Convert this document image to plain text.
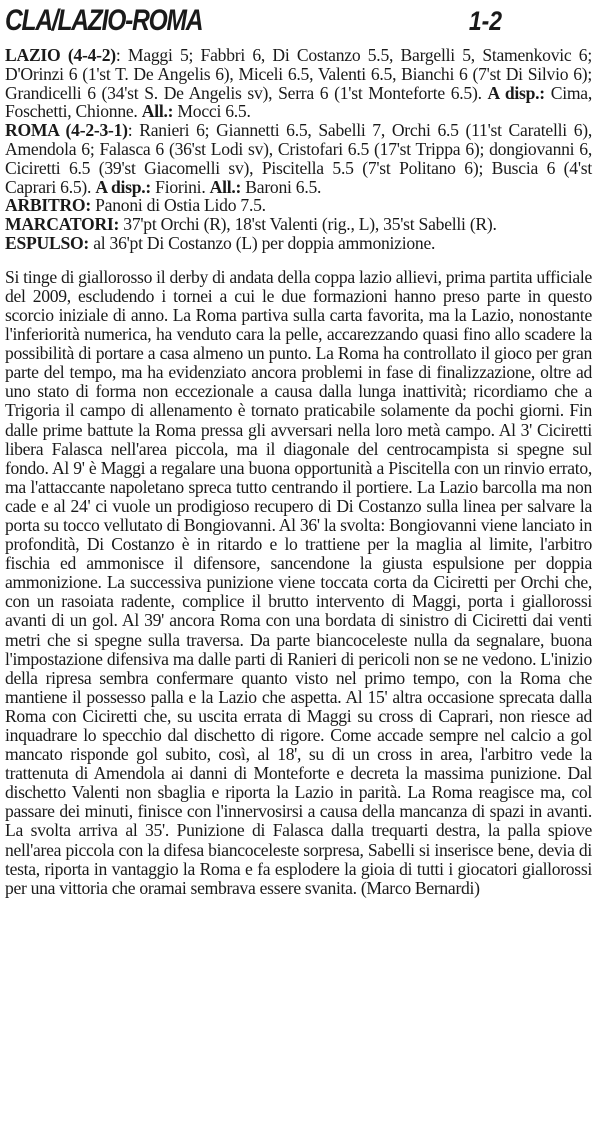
CLA/LAZIO-ROMA	1-2

LAZIO (4-4-2): Maggi 5; Fabbri 6, Di Costanzo 5.5, Bargelli 5, Stamenkovic 6; D'Orinzi 6 (1'st T. De Angelis 6), Miceli 6.5, Valenti 6.5, Bianchi 6 (7'st Di Silvio 6); Grandicelli 6 (34'st S. De Angelis sv), Serra 6 (1'st Monteforte 6.5). A disp.: Cima, Foschetti, Chionne. All.: Mocci 6.5.

ROMA (4-2-3-1): Ranieri 6; Giannetti 6.5, Sabelli 7, Orchi 6.5 (11'st Caratelli 6), Amendola 6; Falasca 6 (36'st Lodi sv), Cristofari 6.5 (17'st Trippa 6); dongiovanni 6, Ciciretti 6.5 (39'st Giacomelli sv), Piscitella 5.5 (7'st Politano 6); Buscia 6 (4'st Caprari 6.5). A disp.: Fiorini. All.: Baroni 6.5.

ARBITRO: Panoni di Ostia Lido 7.5.

MARCATORI: 37'pt Orchi (R), 18'st Valenti (rig., L), 35'st Sabelli (R).

ESPULSO: al 36'pt Di Costanzo (L) per doppia ammonizione.

Si tinge di giallorosso il derby di andata della coppa lazio allievi, prima partita ufficiale del 2009, escludendo i tornei a cui le due formazioni hanno preso parte in questo scorcio iniziale di anno. La Roma partiva sulla carta favorita, ma la Lazio, nonostante l'inferiorità numerica, ha venduto cara la pelle, accarezzando quasi fino allo scadere la possibilità di portare a casa almeno un punto. La Roma ha controllato il gioco per gran parte del tempo, ma ha evidenziato ancora problemi in fase di finalizzazione, oltre ad uno stato di forma non eccezionale a causa dalla lunga inattività; ricordiamo che a Trigoria il campo di allenamento è tornato praticabile solamente da pochi giorni. Fin dalle prime battute la Roma pressa gli avversari nella loro metà campo. Al 3' Ciciretti libera Falasca nell'area piccola, ma il diagonale del centrocampista si spegne sul fondo. Al 9' è Maggi a regalare una buona opportunità a Piscitella con un rinvio errato, ma l'attaccante napoletano spreca tutto centrando il portiere. La Lazio barcolla ma non cade e al 24' ci vuole un prodigioso recupero di Di Costanzo sulla linea per salvare la porta su tocco vellutato di Bongiovanni. Al 36' la svolta: Bongiovanni viene lanciato in profondità, Di Costanzo è in ritardo e lo trattiene per la maglia al limite, l'arbitro fischia ed ammonisce il difensore, sancendone la giusta espulsione per doppia ammonizione. La successiva punizione viene toccata corta da Ciciretti per Orchi che, con un rasoiata radente, complice il brutto intervento di Maggi, porta i giallorossi avanti di un gol. Al 39' ancora Roma con una bordata di sinistro di Ciciretti dai venti metri che si spegne sulla traversa. Da parte biancoceleste nulla da segnalare, buona l'impostazione difensiva ma dalle parti di Ranieri di pericoli non se ne vedono. L'inizio della ripresa sembra confermare quanto visto nel primo tempo, con la Roma che mantiene il possesso palla e la Lazio che aspetta. Al 15' altra occasione sprecata dalla Roma con Ciciretti che, su uscita errata di Maggi su cross di Caprari, non riesce ad inquadrare lo specchio dal dischetto di rigore. Come accade sempre nel calcio a gol mancato risponde gol subito, così, al 18', su di un cross in area, l'arbitro vede la trattenuta di Amendola ai danni di Monteforte e decreta la massima punizione. Dal dischetto Valenti non sbaglia e riporta la Lazio in parità. La Roma reagisce ma, col passare dei minuti, finisce con l'innervosirsi a causa della mancanza di spazi in avanti. La svolta arriva al 35'. Punizione di Falasca dalla trequarti destra, la palla spiove nell'area piccola con la difesa biancoceleste sorpresa, Sabelli si inserisce bene, devia di testa, riporta in vantaggio la Roma e fa esplodere la gioia di tutti i giocatori giallorossi per una vittoria che oramai sembrava essere svanita. (Marco Bernardi)
